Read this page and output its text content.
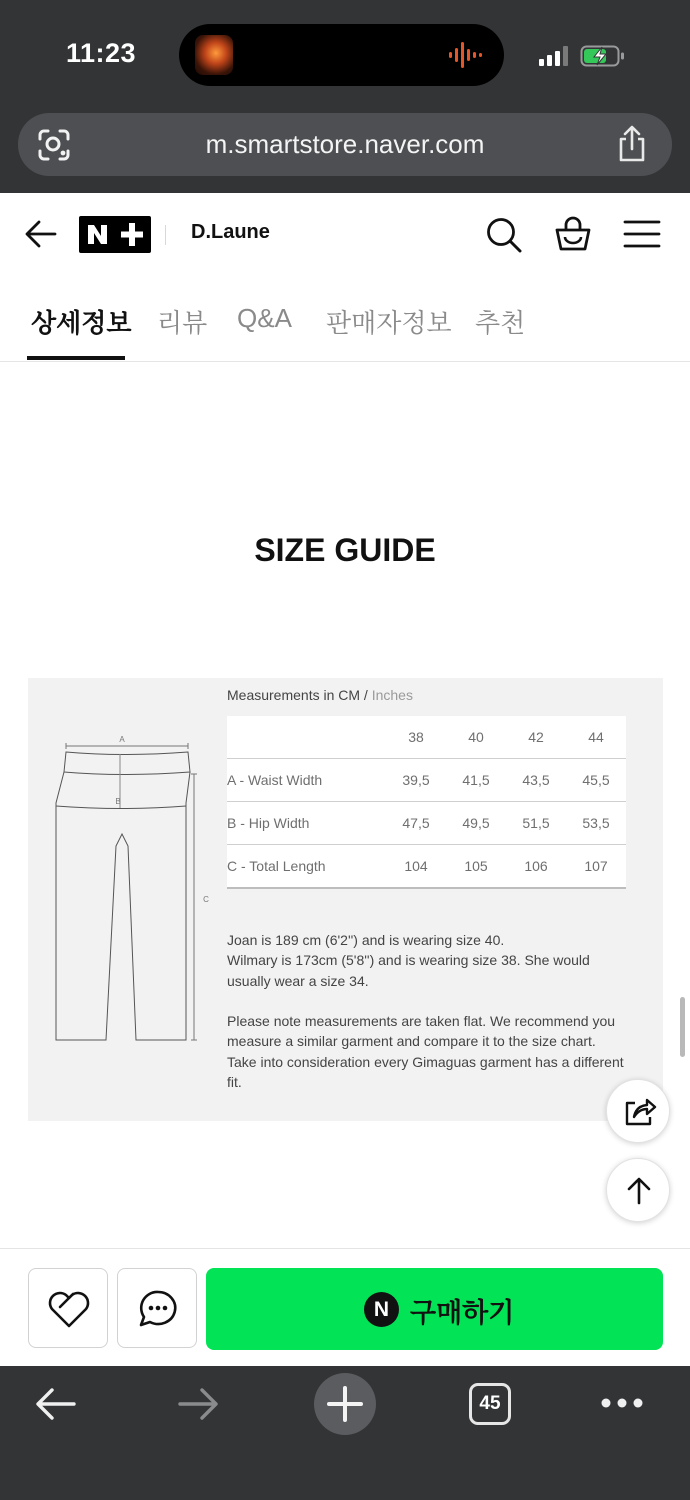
11:23
m.smartstore.naver.com
D.Laune
상세정보 리뷰 Q&A 판매자정보 추천
SIZE GUIDE
Measurements in CM / Inches
A
B
C
	38	40	42	44
A - Waist Width	39,5	41,5	43,5	45,5
B - Hip Width	47,5	49,5	51,5	53,5
C - Total Length	104	105	106	107

Joan is 189 cm (6'2'') and is wearing size 40.

Wilmary is 173cm (5'8'') and is wearing size 38. She would usually wear a size 34.

Please note measurements are taken flat. We recommend you measure a similar garment and compare it to the size chart.

Take into consideration every Gimaguas garment has a different fit.

N 구매하기
45
